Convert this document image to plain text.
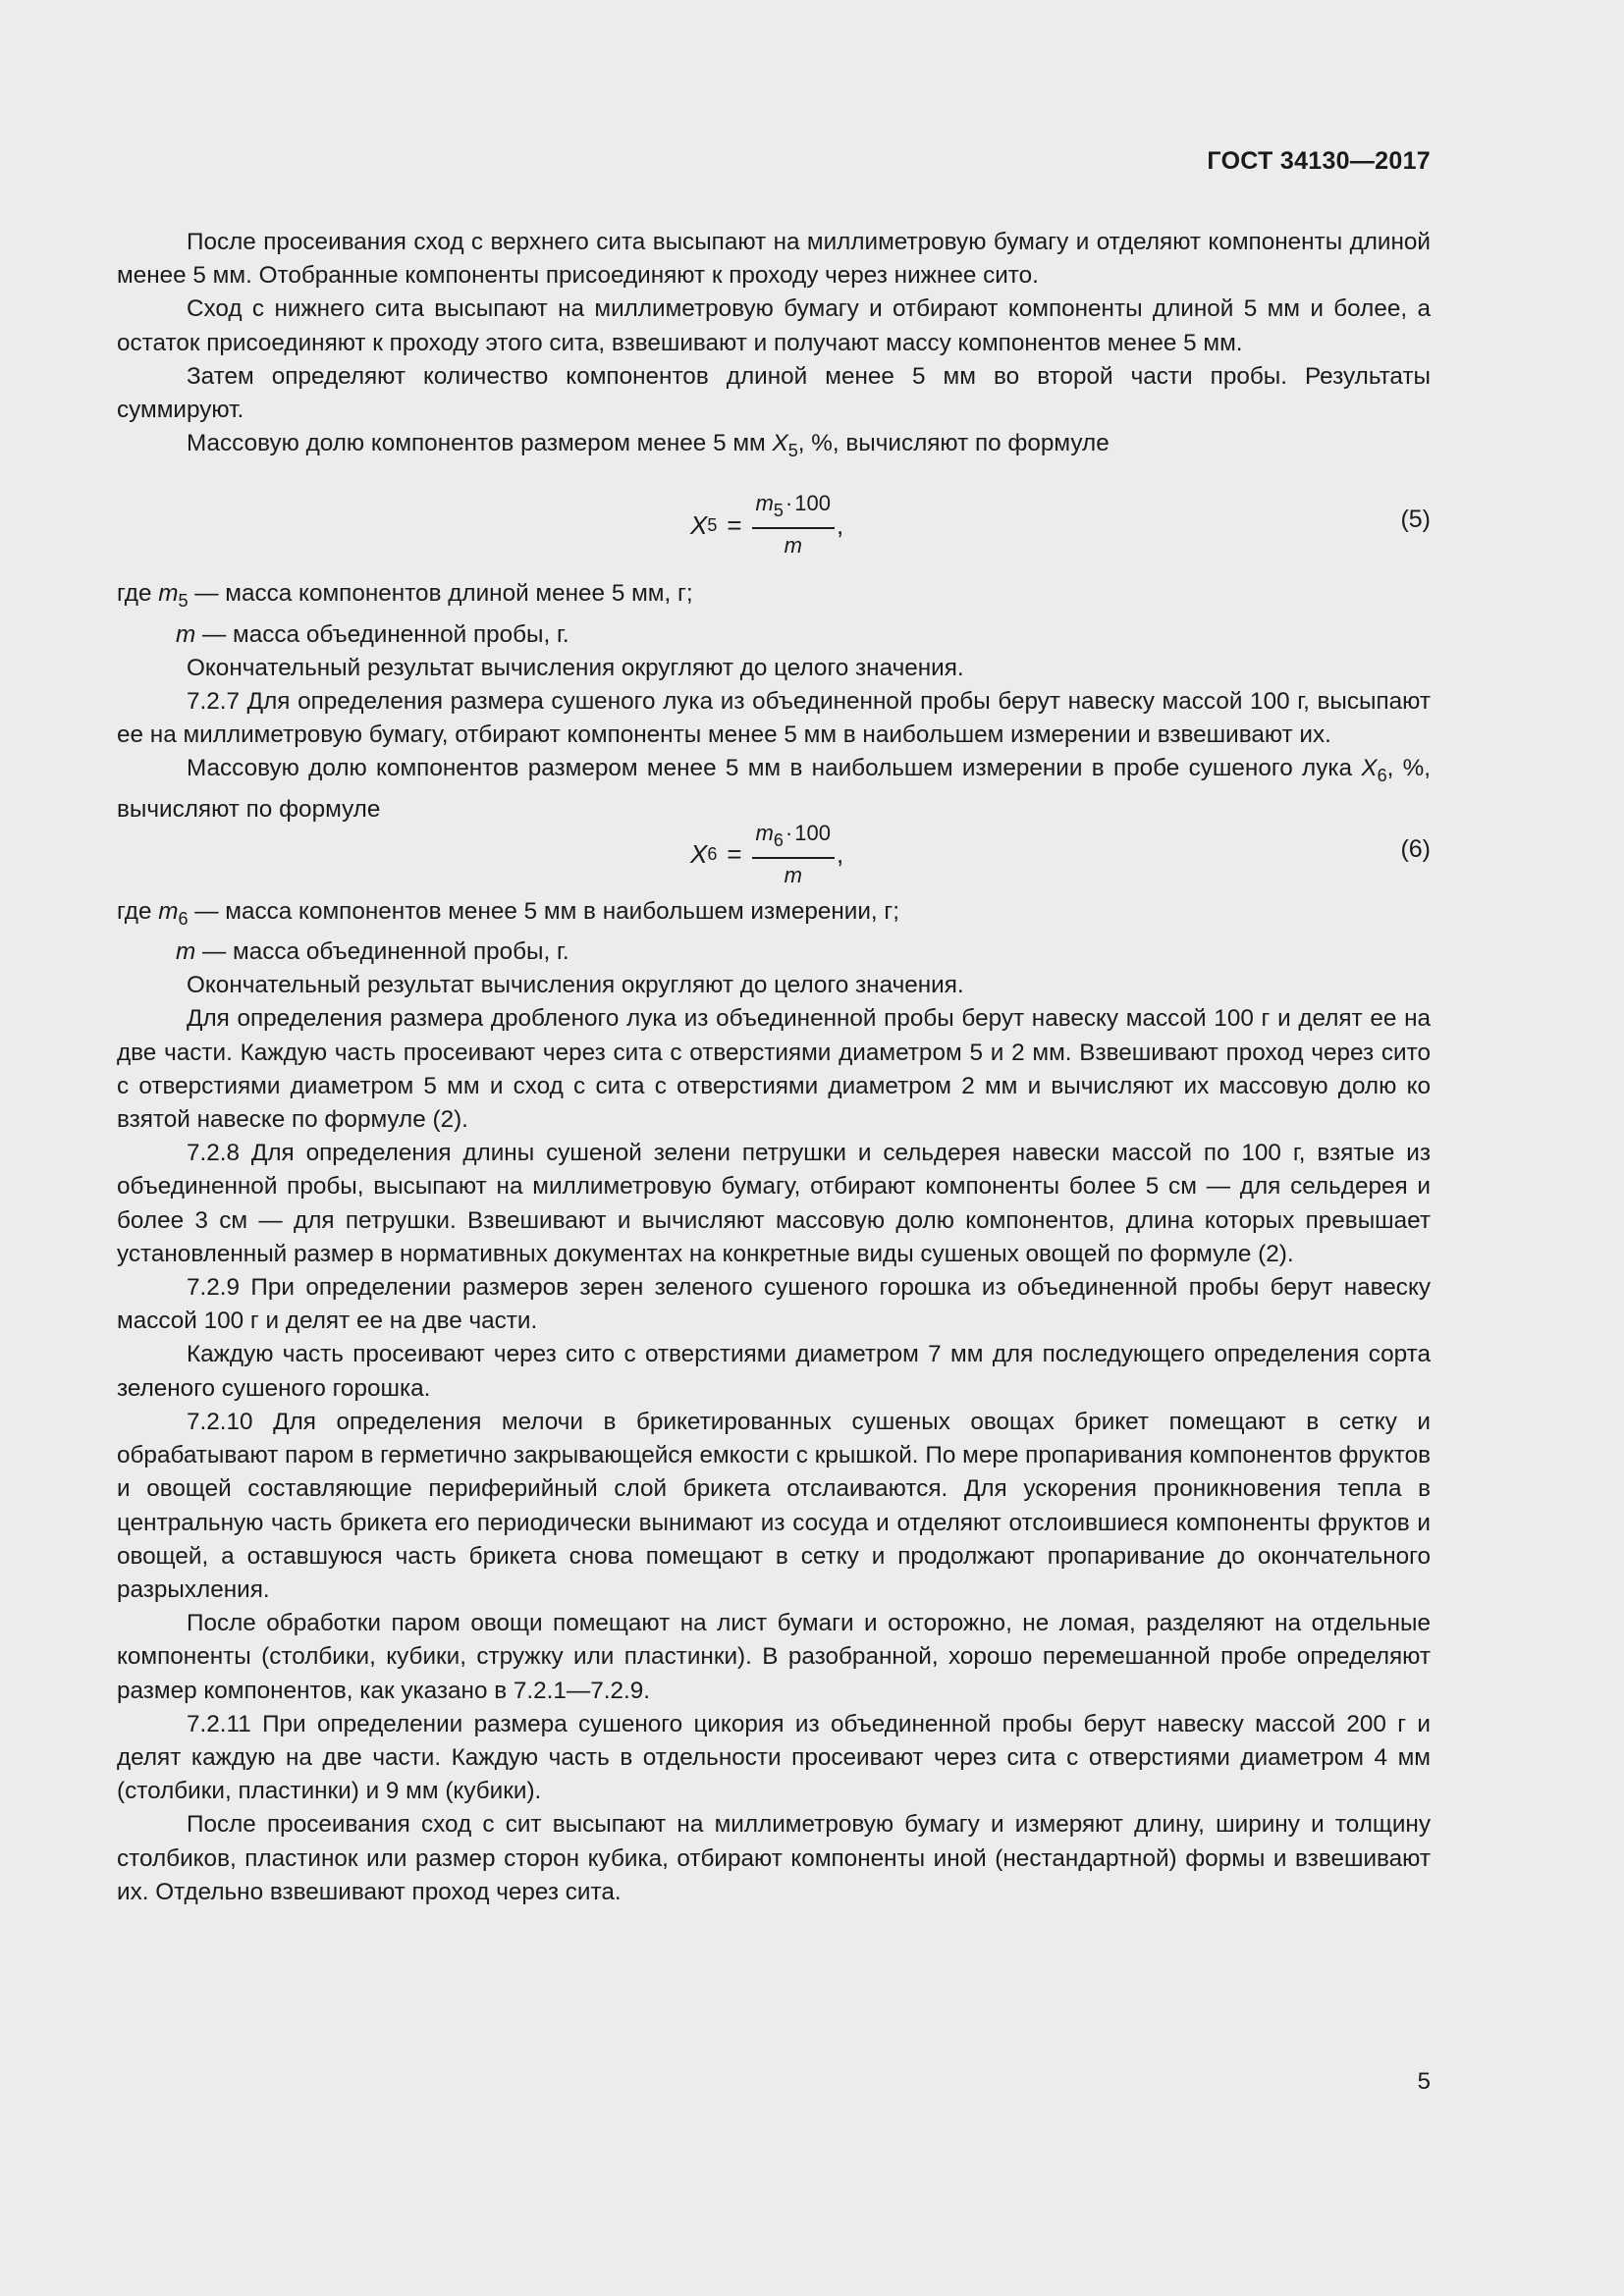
ГОСТ 34130—2017

После просеивания сход с верхнего сита высыпают на миллиметровую бумагу и отделяют компоненты длиной менее 5 мм. Отобранные компоненты присоединяют к проходу через нижнее сито.

Сход с нижнего сита высыпают на миллиметровую бумагу и отбирают компоненты длиной 5 мм и более, а остаток присоединяют к проходу этого сита, взвешивают и получают массу компонентов менее 5 мм.

Затем определяют количество компонентов длиной менее 5 мм во второй части пробы. Результаты суммируют.

Массовую долю компонентов размером менее 5 мм $X_5$, %, вычисляют по формуле

X $5 = \frac{m_5\cdot 100}{m}$ ,	(5)

где $m_5$ — масса компонентов длиной менее 5 мм, г;

m — масса объединенной пробы, г.

Окончательный результат вычисления округляют до целого значения.

7.2.7 Для определения размера сушеного лука из объединенной пробы берут навеску массой 100 г, высыпают ее на миллиметровую бумагу, отбирают компоненты менее 5 мм в наибольшем измерении и взвешивают их.

Массовую долю компонентов размером менее 5 мм в наибольшем измерении в пробе сушеного лука $X_6$, %, вычисляют по формуле

X $6 = \frac{m_6\cdot 100}{m}$ ,	(6)

где $m_6$ — масса компонентов менее 5 мм в наибольшем измерении, г;

m — масса объединенной пробы, г.

Окончательный результат вычисления округляют до целого значения.

Для определения размера дробленого лука из объединенной пробы берут навеску массой 100 г и делят ее на две части. Каждую часть просеивают через сита с отверстиями диаметром 5 и 2 мм. Взвешивают проход через сито с отверстиями диаметром 5 мм и сход с сита с отверстиями диаметром 2 мм и вычисляют их массовую долю ко взятой навеске по формуле (2).

7.2.8 Для определения длины сушеной зелени петрушки и сельдерея навески массой по 100 г, взятые из объединенной пробы, высыпают на миллиметровую бумагу, отбирают компоненты более 5 см — для сельдерея и более 3 см — для петрушки. Взвешивают и вычисляют массовую долю компонентов, длина которых превышает установленный размер в нормативных документах на конкретные виды сушеных овощей по формуле (2).

7.2.9 При определении размеров зерен зеленого сушеного горошка из объединенной пробы берут навеску массой 100 г и делят ее на две части.

Каждую часть просеивают через сито с отверстиями диаметром 7 мм для последующего определения сорта зеленого сушеного горошка.

7.2.10 Для определения мелочи в брикетированных сушеных овощах брикет помещают в сетку и обрабатывают паром в герметично закрывающейся емкости с крышкой. По мере пропаривания компонентов фруктов и овощей составляющие периферийный слой брикета отслаиваются. Для ускорения проникновения тепла в центральную часть брикета его периодически вынимают из сосуда и отделяют отслоившиеся компоненты фруктов и овощей, а оставшуюся часть брикета снова помещают в сетку и продолжают пропаривание до окончательного разрыхления.

После обработки паром овощи помещают на лист бумаги и осторожно, не ломая, разделяют на отдельные компоненты (столбики, кубики, стружку или пластинки). В разобранной, хорошо перемешанной пробе определяют размер компонентов, как указано в 7.2.1—7.2.9.

7.2.11 При определении размера сушеного цикория из объединенной пробы берут навеску массой 200 г и делят каждую на две части. Каждую часть в отдельности просеивают через сита с отверстиями диаметром 4 мм (столбики, пластинки) и 9 мм (кубики).

После просеивания сход с сит высыпают на миллиметровую бумагу и измеряют длину, ширину и толщину столбиков, пластинок или размер сторон кубика, отбирают компоненты иной (нестандартной) формы и взвешивают их. Отдельно взвешивают проход через сита.

5
